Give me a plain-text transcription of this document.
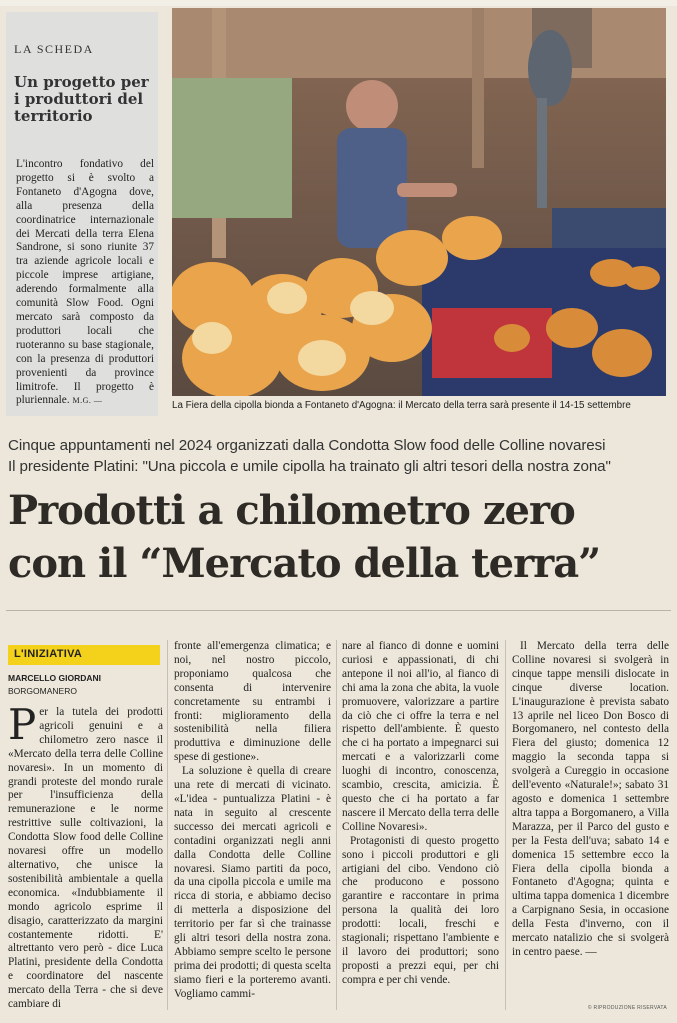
LA SCHEDA
Un progetto per i produttori del territorio
L'incontro fondativo del progetto si è svolto a Fontaneto d'Agogna dove, alla presenza della coordinatrice internazionale dei Mercati della terra Elena Sandrone, si sono riunite 37 tra aziende agricole locali e piccole imprese artigiane, aderendo formalmente alla comunità Slow Food. Ogni mercato sarà composto da produttori locali che ruoteranno su base stagionale, con la presenza di produttori provenienti da province limitrofe. Il progetto è pluriennale. M.G. —	La Fiera della cipolla bionda a Fontaneto d'Agogna: il Mercato della terra sarà presente il 14-15 settembre
Cinque appuntamenti nel 2024 organizzati dalla Condotta Slow food delle Colline novaresi
Il presidente Platini: "Una piccola e umile cipolla ha trainato gli altri tesori della nostra zona"
Prodotti a chilometro zero
con il “Mercato della terra”
L'INIZIATIVA
MARCELLO GIORDANI
BORGOMANERO
P er la tutela dei prodotti agricoli genuini e a chilometro zero nasce il «Mercato della terra delle Colline novaresi». In un momento di grandi proteste del mondo rurale per l'insufficienza della remunerazione e le norme restrittive sulle coltivazioni, la Condotta Slow food delle Colline novaresi offre un modello alternativo, che unisce la sostenibilità ambientale a quella economica. «Indubbiamente il mondo agricolo esprime il disagio, caratterizzato da margini costantemente ridotti. E' altrettanto vero però - dice Luca Platini, presidente della Condotta e coordinatore del nascente mercato della Terra - che si deve cambiare di

fronte all'emergenza climatica; e noi, nel nostro piccolo, proponiamo qualcosa che consenta di intervenire concretamente su entrambi i fronti: miglioramento della sostenibilità nella filiera produttiva e diminuzione delle spese di gestione».

La soluzione è quella di creare una rete di mercati di vicinato. «L'idea - puntualizza Platini - è nata in seguito al crescente successo dei mercati agricoli e contadini organizzati negli anni dalla Condotta delle Colline novaresi. Siamo partiti da poco, da una cipolla piccola e umile ma ricca di storia, e abbiamo deciso di metterla a disposizione del territorio per far sì che trainasse gli altri tesori della nostra zona. Abbiamo sempre scelto le persone prima dei prodotti; di questa scelta siamo fieri e la porteremo avanti. Vogliamo cammi-

nare al fianco di donne e uomini curiosi e appassionati, di chi antepone il noi all'io, al fianco di chi ama la zona che abita, la vuole promuovere, valorizzare a partire da ciò che ci offre la terra e nel rispetto dell'ambiente. È questo che ci ha portato a impegnarci sui mercati e a valorizzarli come luoghi di incontro, conoscenza, scambio, crescita, amicizia. È questo che ci ha portato a far nascere il Mercato della terra delle Colline Novaresi».

Protagonisti di questo progetto sono i piccoli produttori e gli artigiani del cibo. Vendono ciò che producono e possono garantire e raccontare in prima persona la qualità dei loro prodotti: locali, freschi e stagionali; rispettano l'ambiente e il lavoro dei produttori; sono proposti a prezzi equi, per chi compra e per chi vende.

Il Mercato della terra delle Colline novaresi si svolgerà in cinque tappe mensili dislocate in cinque diverse location. L'inaugurazione è prevista sabato 13 aprile nel liceo Don Bosco di Borgomanero, nel contesto della Fiera del giusto; domenica 12 maggio la seconda tappa si svolgerà a Cureggio in occasione dell'evento «Naturale!»; sabato 31 agosto e domenica 1 settembre altra tappa a Borgomanero, a Villa Marazza, per il Parco del gusto e per la Festa dell'uva; sabato 14 e domenica 15 settembre ecco la Fiera della cipolla bionda a Fontaneto d'Agogna; quinta e ultima tappa domenica 1 dicembre a Carpignano Sesia, in occasione della Festa d'inverno, con il mercato natalizio che si svolgerà in centro paese. —

© RIPRODUZIONE RISERVATA
